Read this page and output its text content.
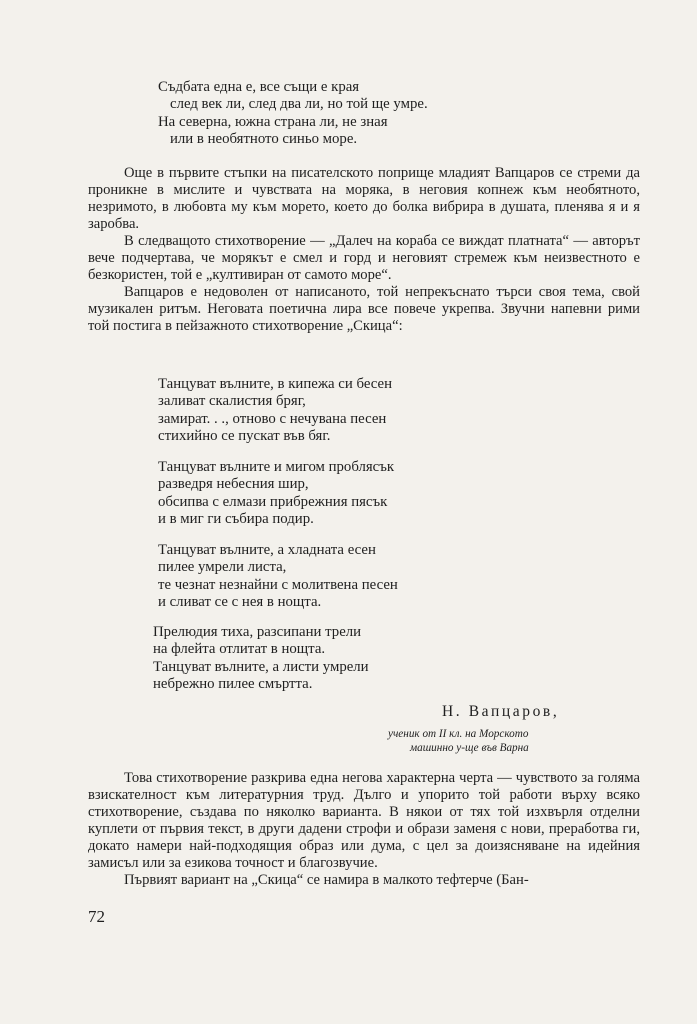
Съдбата една е, все същи е края
след век ли, след два ли, но той ще умре.
На северна, южна страна ли, не зная
или в необятното синьо море.

Още в първите стъпки на писателското поприще младият Вапцаров се стреми да проникне в мислите и чувствата на моряка, в неговия копнеж към необятното, незримото, в любовта му към морето, което до болка вибрира в душата, пленява я и я заробва.

В следващото стихотворение — „Далеч на кораба се виждат платната“ — авторът вече подчертава, че морякът е смел и горд и неговият стремеж към неизвестното е безкористен, той е „култивиран от самото море“.

Вапцаров е недоволен от написаното, той непрекъснато търси своя тема, свой музикален ритъм. Неговата поетична лира все повече укрепва. Звучни напевни рими той постига в пейзажното стихотворение „Скица“:

Танцуват вълните, в кипежа си бесен
заливат скалистия бряг,
замират. . ., отново с нечувана песен
стихийно се пускат във бяг.
Танцуват вълните и мигом проблясък
разведря небесния шир,
обсипва с елмази прибрежния пясък
и в миг ги събира подир.
Танцуват вълните, а хладната есен
пилее умрели листа,
те чезнат незнайни с молитвена песен
и сливат се с нея в нощта.
Прелюдия тиха, разсипани трели
на флейта отлитат в нощта.
Танцуват вълните, а листи умрели
небрежно пилее смъртта.
Н. Вапцаров,
ученик от II кл. на Морското
машинно у-ще във Варна

Това стихотворение разкрива една негова характерна черта — чувството за голяма взискателност към литературния труд. Дълго и упорито той работи върху всяко стихотворение, създава по няколко варианта. В някои от тях той изхвърля отделни куплети от първия текст, в други дадени строфи и образи заменя с нови, преработва ги, докато намери най-подходящия образ или дума, с цел за доизясняване на идейния замисъл или за езикова точност и благозвучие.

Първият вариант на „Скица“ се намира в малкото тефтерче (Бан-

72
